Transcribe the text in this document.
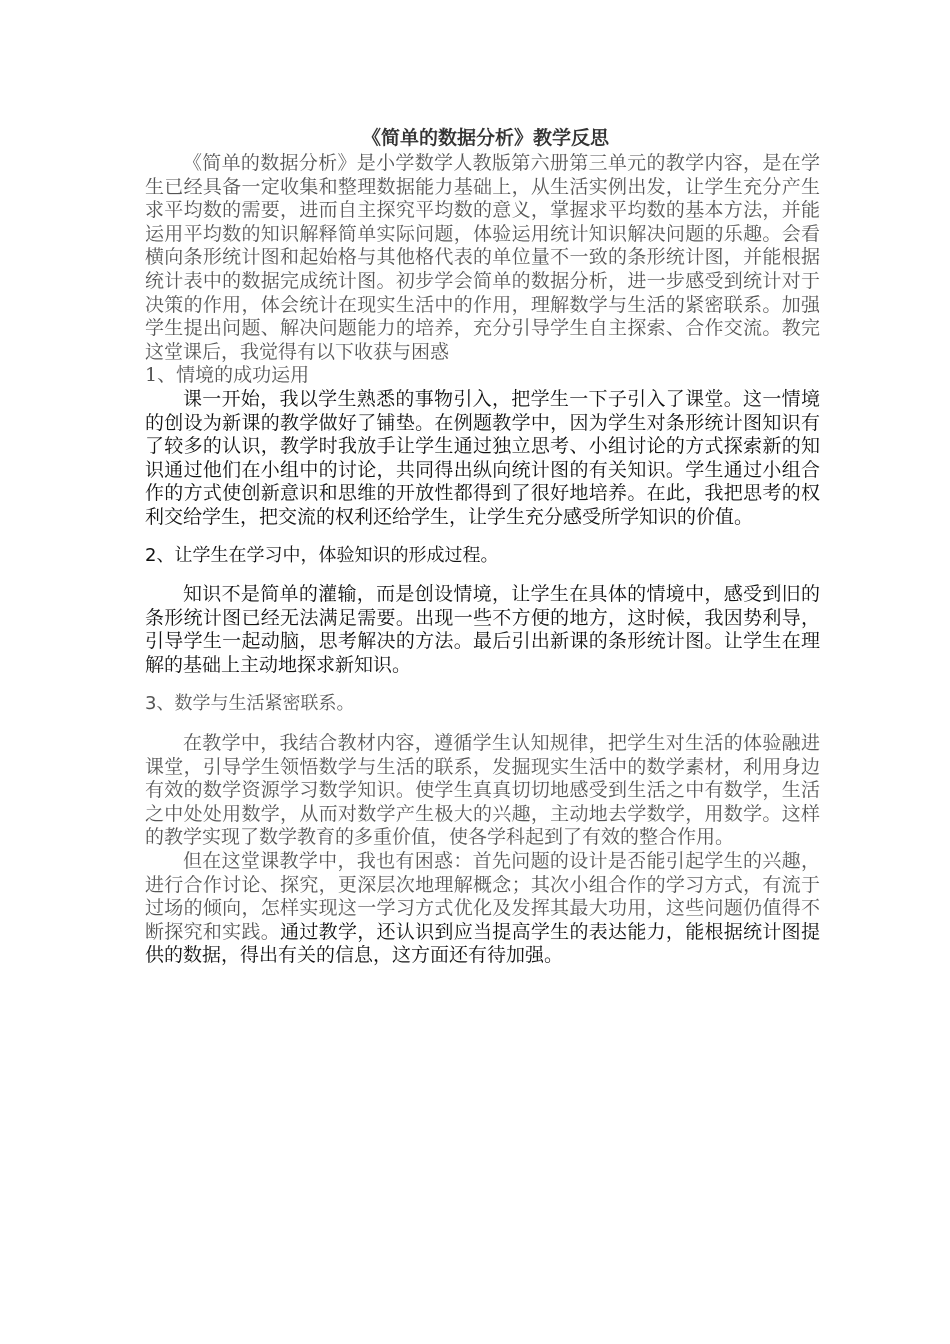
《简单的数据分析》教学反思

《简单的数据分析》是小学数学人教版第六册第三单元的教学内容，是在学生已经具备一定收集和整理数据能力基础上，从生活实例出发，让学生充分产生求平均数的需要，进而自主探究平均数的意义，掌握求平均数的基本方法，并能运用平均数的知识解释简单实际问题，体验运用统计知识解决问题的乐趣。会看横向条形统计图和起始格与其他格代表的单位量不一致的条形统计图，并能根据统计表中的数据完成统计图。初步学会简单的数据分析，进一步感受到统计对于决策的作用，体会统计在现实生活中的作用，理解数学与生活的紧密联系。加强学生提出问题、解决问题能力的培养，充分引导学生自主探索、合作交流。教完这堂课后，我觉得有以下收获与困惑

1、情境的成功运用

课一开始，我以学生熟悉的事物引入，把学生一下子引入了课堂。这一情境的创设为新课的教学做好了铺垫。在例题教学中，因为学生对条形统计图知识有了较多的认识，教学时我放手让学生通过独立思考、小组讨论的方式探索新的知识通过他们在小组中的讨论，共同得出纵向统计图的有关知识。学生通过小组合作的方式使创新意识和思维的开放性都得到了很好地培养。在此，我把思考的权利交给学生，把交流的权利还给学生，让学生充分感受所学知识的价值。

2、让学生在学习中，体验知识的形成过程。

知识不是简单的灌输，而是创设情境，让学生在具体的情境中，感受到旧的条形统计图已经无法满足需要。出现一些不方便的地方，这时候，我因势利导，引导学生一起动脑，思考解决的方法。最后引出新课的条形统计图。让学生在理解的基础上主动地探求新知识。

3、数学与生活紧密联系。

在教学中，我结合教材内容，遵循学生认知规律，把学生对生活的体验融进课堂，引导学生领悟数学与生活的联系，发掘现实生活中的数学素材，利用身边有效的数学资源学习数学知识。使学生真真切切地感受到生活之中有数学，生活之中处处用数学，从而对数学产生极大的兴趣，主动地去学数学，用数学。这样的教学实现了数学教育的多重价值，使各学科起到了有效的整合作用。

但在这堂课教学中，我也有困惑：首先问题的设计是否能引起学生的兴趣，进行合作讨论、探究，更深层次地理解概念；其次小组合作的学习方式，有流于过场的倾向，怎样实现这一学习方式优化及发挥其最大功用，这些问题仍值得不断探究和实践。通过教学，还认识到应当提高学生的表达能力，能根据统计图提供的数据，得出有关的信息，这方面还有待加强。
